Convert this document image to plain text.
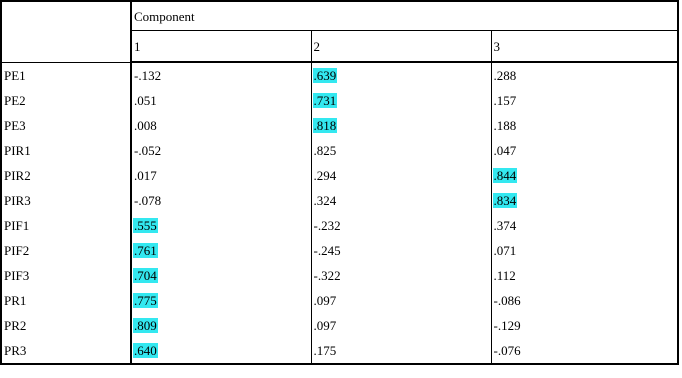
	Component		
	1	2	3
PE1	-.132	.639	.288
PE2	.051	.731	.157
PE3	.008	.818	.188
PIR1	-.052	.825	.047
PIR2	.017	.294	.844
PIR3	-.078	.324	.834
PIF1	.555	-.232	.374
PIF2	.761	-.245	.071
PIF3	.704	-.322	.112
PR1	.775	.097	-.086
PR2	.809	.097	-.129
PR3	.640	.175	-.076
